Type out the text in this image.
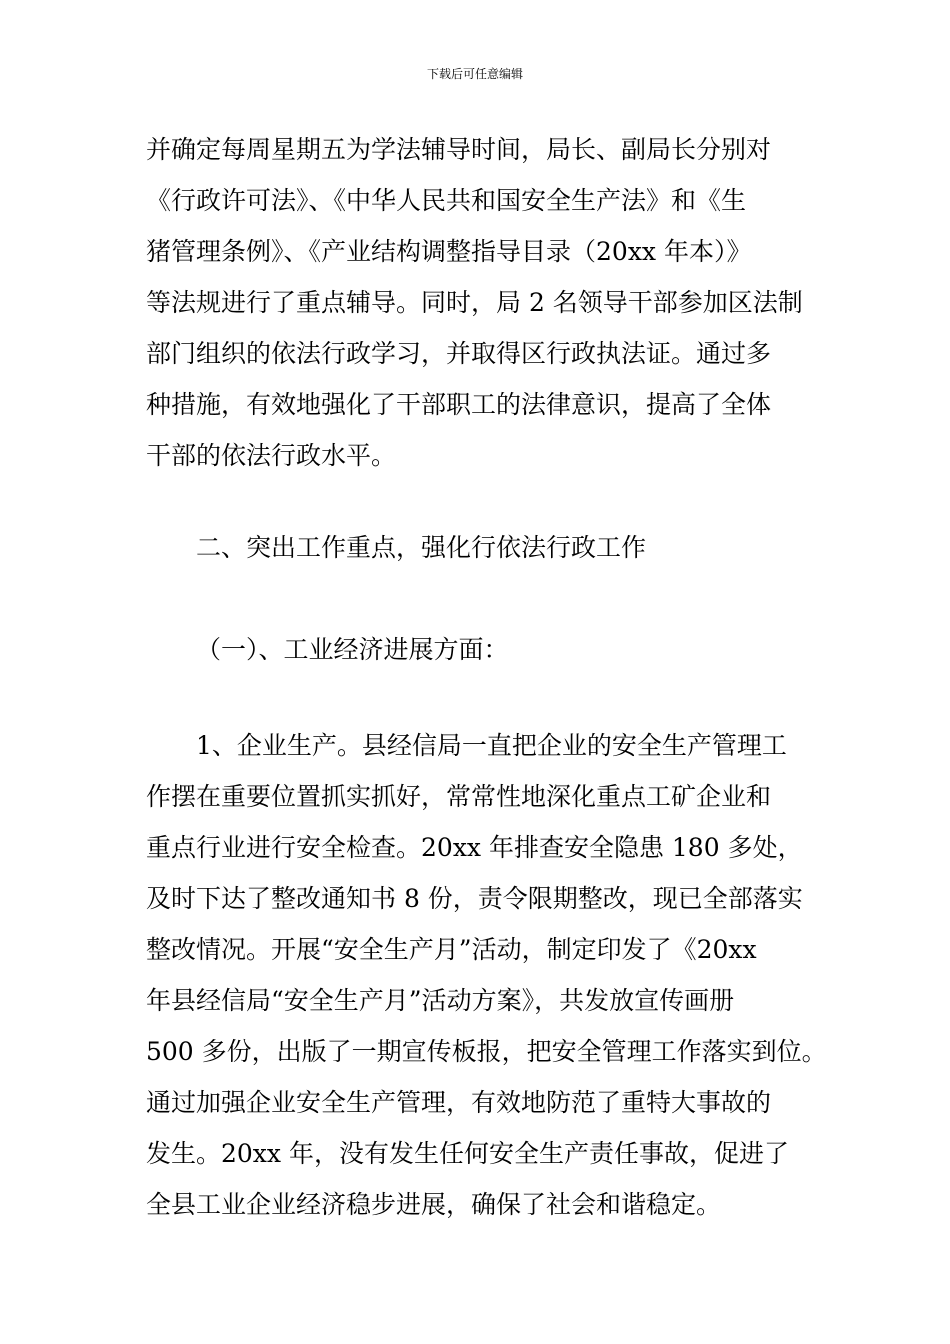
下载后可任意编辑
并确定每周星期五为学法辅导时间，局长、副局长分别对
《行政许可法》、《中华人民共和国安全生产法》和《生
猪管理条例》、《产业结构调整指导目录（20xx 年本）》
等法规进行了重点辅导。同时，局 2 名领导干部参加区法制
部门组织的依法行政学习，并取得区行政执法证。通过多
种措施，有效地强化了干部职工的法律意识，提高了全体
干部的依法行政水平。
二、突出工作重点，强化行依法行政工作
（一）、工业经济进展方面：
1、企业生产。县经信局一直把企业的安全生产管理工
作摆在重要位置抓实抓好，常常性地深化重点工矿企业和
重点行业进行安全检查。20xx 年排查安全隐患 180 多处，
及时下达了整改通知书 8 份，责令限期整改，现已全部落实
整改情况。开展“安全生产月”活动，制定印发了《20xx
年县经信局“安全生产月”活动方案》，共发放宣传画册
500 多份，出版了一期宣传板报，把安全管理工作落实到位。
通过加强企业安全生产管理，有效地防范了重特大事故的
发生。20xx 年，没有发生任何安全生产责任事故，促进了
全县工业企业经济稳步进展，确保了社会和谐稳定。
